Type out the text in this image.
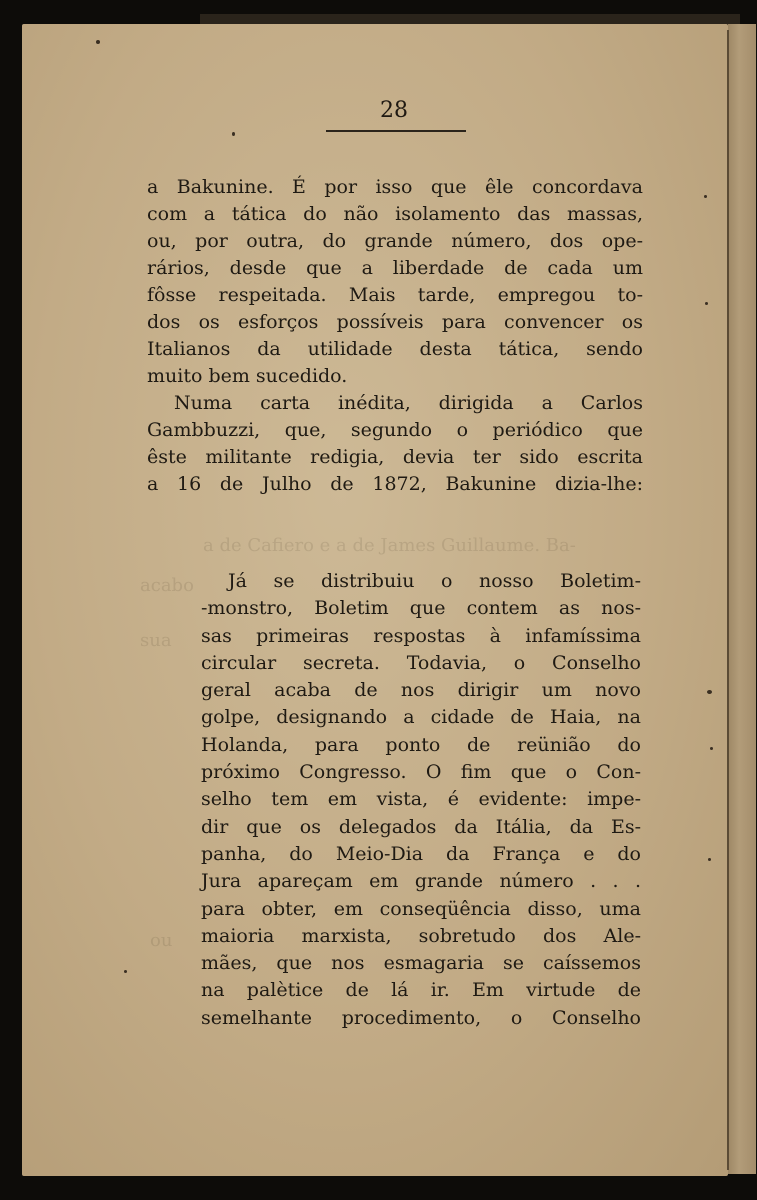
a de Cafiero e a de James Guillaume. Ba-
acabo
sua
ou
28
a Bakunine. É por isso que êle concordava
com a tática do não isolamento das massas,
ou, por outra, do grande número, dos ope-
rários, desde que a liberdade de cada um
fôsse respeitada. Mais tarde, empregou to-
dos os esforços possíveis para convencer os
Italianos da utilidade desta tática, sendo
muito bem sucedido.
Numa carta inédita, dirigida a Carlos
Gambbuzzi, que, segundo o periódico que
êste militante redigia, devia ter sido escrita
a 16 de Julho de 1872, Bakunine dizia-lhe:
Já se distribuiu o nosso Boletim-
-monstro, Boletim que contem as nos-
sas primeiras respostas à infamíssima
circular secreta. Todavia, o Conselho
geral acaba de nos dirigir um novo
golpe, designando a cidade de Haia, na
Holanda, para ponto de reünião do
próximo Congresso. O fim que o Con-
selho tem em vista, é evidente: impe-
dir que os delegados da Itália, da Es-
panha, do Meio-Dia da França e do
Jura apareçam em grande número . . .
para obter, em conseqüência disso, uma
maioria marxista, sobretudo dos Ale-
mães, que nos esmagaria se caíssemos
na palètice de lá ir. Em virtude de
semelhante procedimento, o Conselho
